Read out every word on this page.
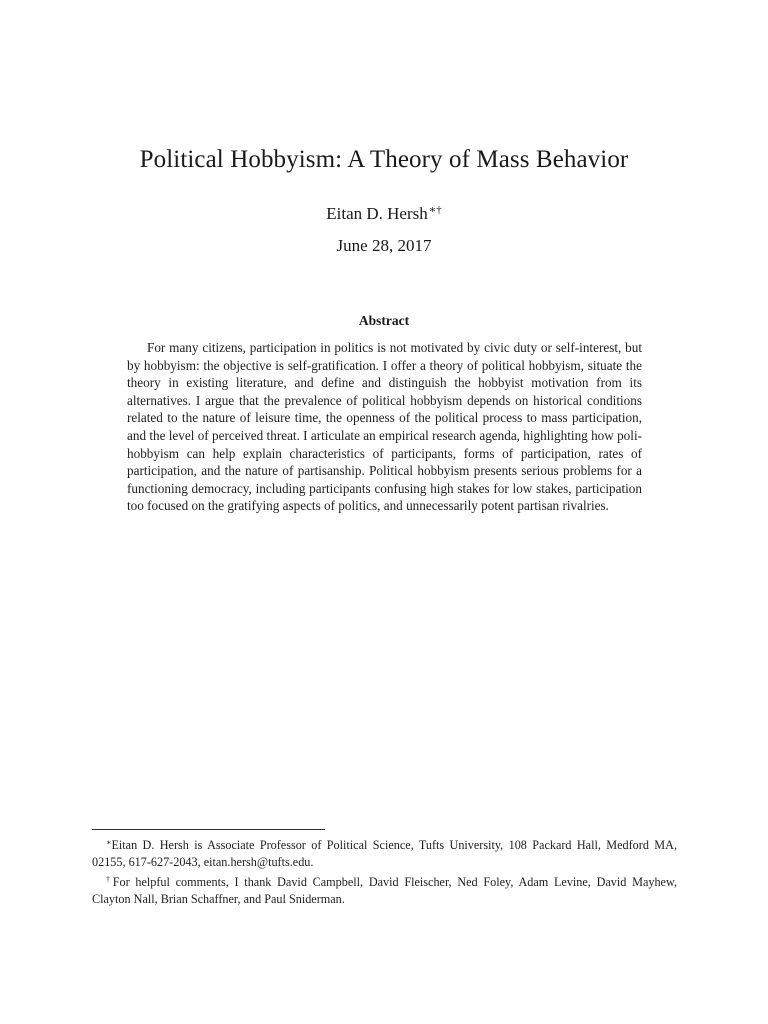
Political Hobbyism: A Theory of Mass Behavior
Eitan D. Hersh∗†
June 28, 2017
Abstract

For many citizens, participation in politics is not motivated by civic duty or self-interest, but by hobbyism: the objective is self-gratification. I offer a theory of political hobbyism, situate the theory in existing literature, and define and distinguish the hobbyist motivation from its alternatives. I argue that the prevalence of political hobbyism depends on historical conditions related to the nature of leisure time, the openness of the political process to mass participation, and the level of perceived threat. I articulate an empirical research agenda, highlighting how poli-hobbyism can help explain characteristics of participants, forms of participation, rates of participation, and the nature of partisanship. Political hobbyism presents serious problems for a functioning democracy, including participants confusing high stakes for low stakes, participation too focused on the gratifying aspects of politics, and unnecessarily potent partisan rivalries.

∗Eitan D. Hersh is Associate Professor of Political Science, Tufts University, 108 Packard Hall, Medford MA, 02155, 617-627-2043, eitan.hersh@tufts.edu.

†For helpful comments, I thank David Campbell, David Fleischer, Ned Foley, Adam Levine, David Mayhew, Clayton Nall, Brian Schaffner, and Paul Sniderman.
